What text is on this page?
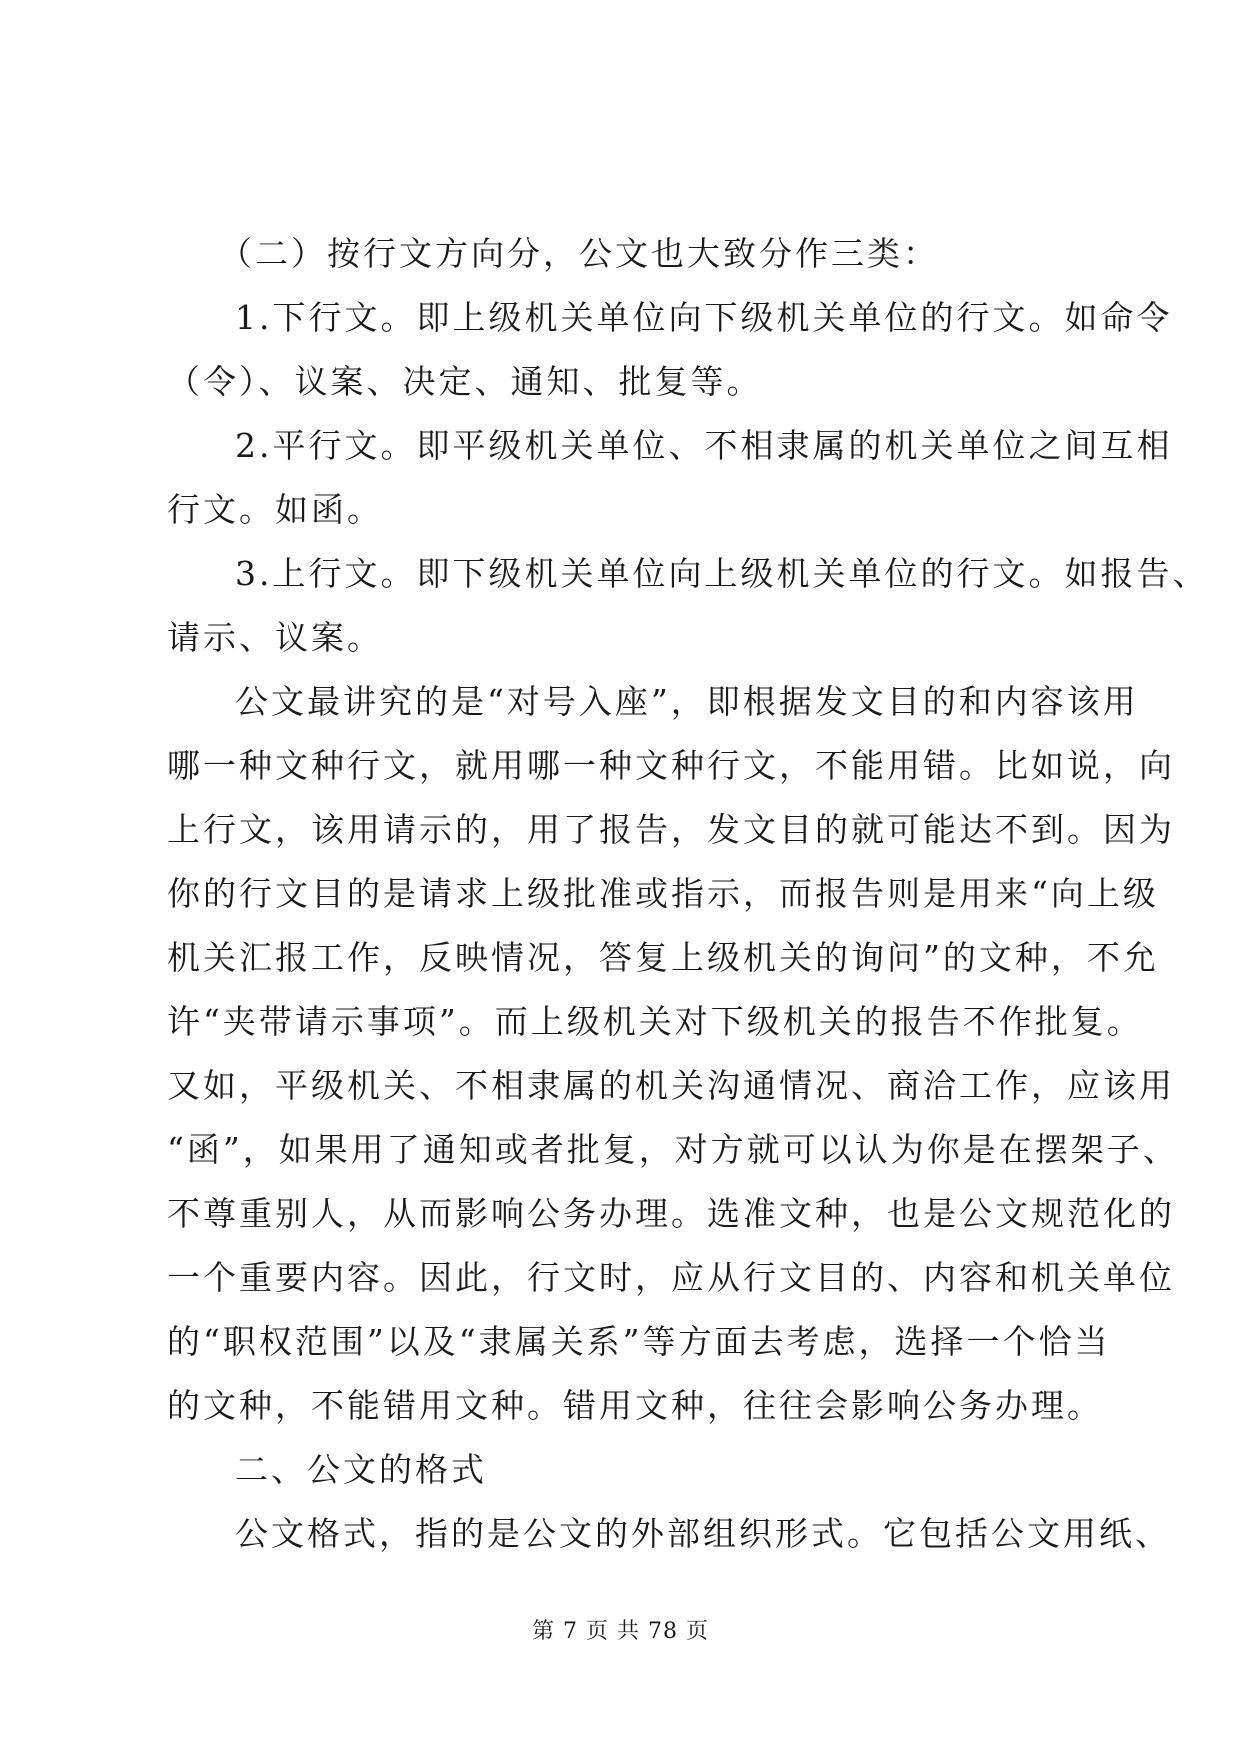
（二）按行文方向分，公文也大致分作三类：
1.下行文。即上级机关单位向下级机关单位的行文。如命令
（令）、议案、决定、通知、批复等。
2.平行文。即平级机关单位、不相隶属的机关单位之间互相
行文。如函。
3.上行文。即下级机关单位向上级机关单位的行文。如报告、
请示、议案。
公文最讲究的是“对号入座”，即根据发文目的和内容该用
哪一种文种行文，就用哪一种文种行文，不能用错。比如说，向
上行文，该用请示的，用了报告，发文目的就可能达不到。因为
你的行文目的是请求上级批准或指示，而报告则是用来“向上级
机关汇报工作，反映情况，答复上级机关的询问”的文种，不允
许“夹带请示事项”。而上级机关对下级机关的报告不作批复。
又如，平级机关、不相隶属的机关沟通情况、商洽工作，应该用
“函”，如果用了通知或者批复，对方就可以认为你是在摆架子、
不尊重别人，从而影响公务办理。选准文种，也是公文规范化的
一个重要内容。因此，行文时，应从行文目的、内容和机关单位
的“职权范围”以及“隶属关系”等方面去考虑，选择一个恰当
的文种，不能错用文种。错用文种，往往会影响公务办理。
二、公文的格式
公文格式，指的是公文的外部组织形式。它包括公文用纸、
第 7 页 共 78 页
